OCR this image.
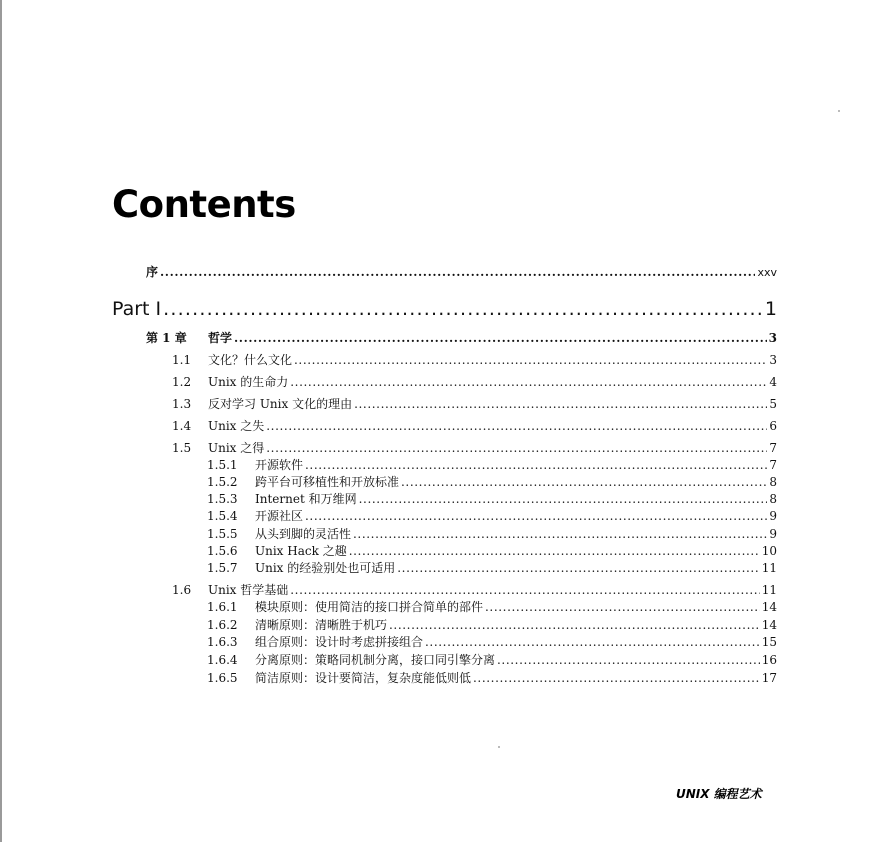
Contents
序 .....	xxv
Part I .....	1
第 1 章	哲学 .....	3
1.1	文化？什么文化 .....	3
1.2	Unix 的生命力 .....	4
1.3	反对学习 Unix 文化的理由 .....	5
1.4	Unix 之失 .....	6
1.5	Unix 之得 .....	7
1.5.1	开源软件 .....	7
1.5.2	跨平台可移植性和开放标准 .....	8
1.5.3	Internet 和万维网 .....	8
1.5.4	开源社区 .....	9
1.5.5	从头到脚的灵活性 .....	9
1.5.6	Unix Hack 之趣 .....	10
1.5.7	Unix 的经验别处也可适用 .....	11
1.6	Unix 哲学基础 .....	11
1.6.1	模块原则：使用简洁的接口拼合简单的部件 .....	14
1.6.2	清晰原则：清晰胜于机巧 .....	14
1.6.3	组合原则：设计时考虑拼接组合 .....	15
1.6.4	分离原则：策略同机制分离，接口同引擎分离 .....	16
1.6.5	简洁原则：设计要简洁，复杂度能低则低 .....	17
UNIX 编程艺术
